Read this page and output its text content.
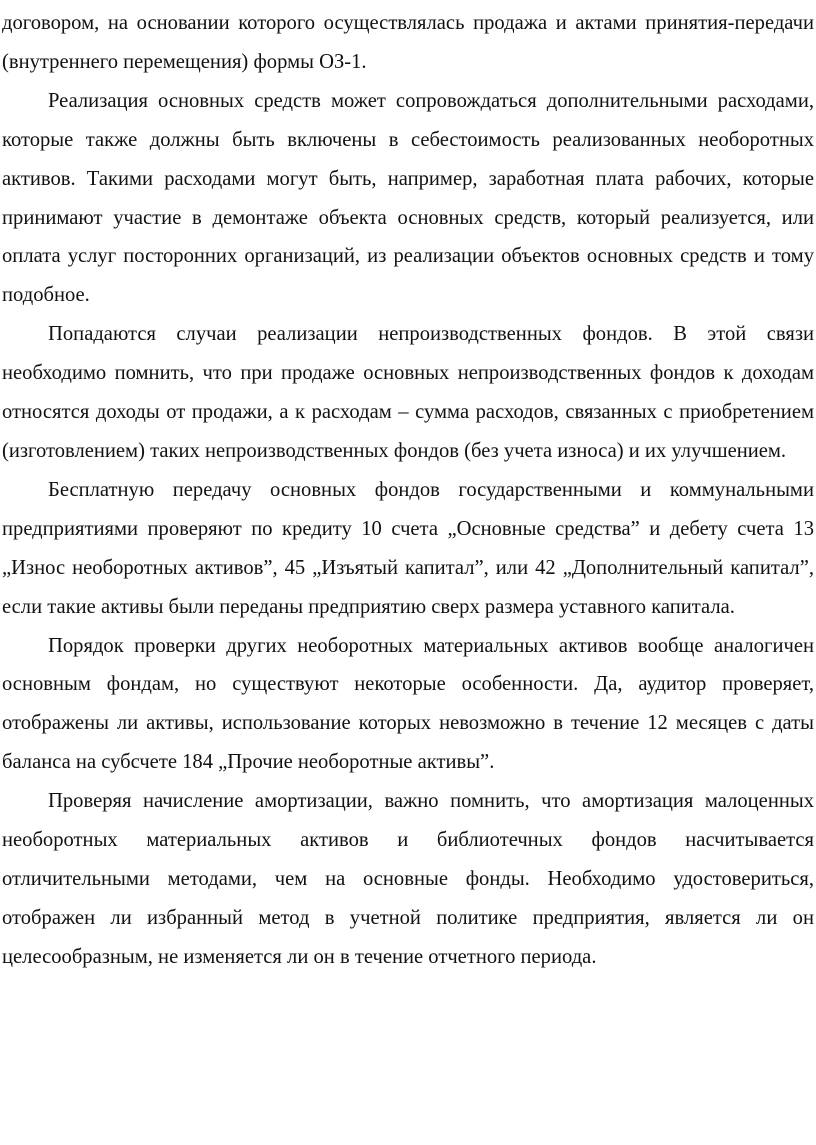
договором, на основании которого осуществлялась продажа и актами принятия-передачи (внутреннего перемещения) формы ОЗ-1.

Реализация основных средств может сопровождаться дополнительными расходами, которые также должны быть включены в себестоимость реализованных необоротных активов. Такими расходами могут быть, например, заработная плата рабочих, которые принимают участие в демонтаже объекта основных средств, который реализуется, или оплата услуг посторонних организаций, из реализации объектов основных средств и тому подобное.

Попадаются случаи реализации непроизводственных фондов. В этой связи необходимо помнить, что при продаже основных непроизводственных фондов к доходам относятся доходы от продажи, а к расходам – сумма расходов, связанных с приобретением (изготовлением) таких непроизводственных фондов (без учета износа) и их улучшением.

Бесплатную передачу основных фондов государственными и коммунальными предприятиями проверяют по кредиту 10 счета „Основные средства” и дебету счета 13 „Износ необоротных активов”, 45 „Изъятый капитал”, или 42 „Дополнительный капитал”, если такие активы были переданы предприятию сверх размера уставного капитала.

Порядок проверки других необоротных материальных активов вообще аналогичен основным фондам, но существуют некоторые особенности. Да, аудитор проверяет, отображены ли активы, использование которых невозможно в течение 12 месяцев с даты баланса на субсчете 184 „Прочие необоротные активы”.

Проверяя начисление амортизации, важно помнить, что амортизация малоценных необоротных материальных активов и библиотечных фондов насчитывается отличительными методами, чем на основные фонды. Необходимо удостовериться, отображен ли избранный метод в учетной политике предприятия, является ли он целесообразным, не изменяется ли он в течение отчетного периода.
